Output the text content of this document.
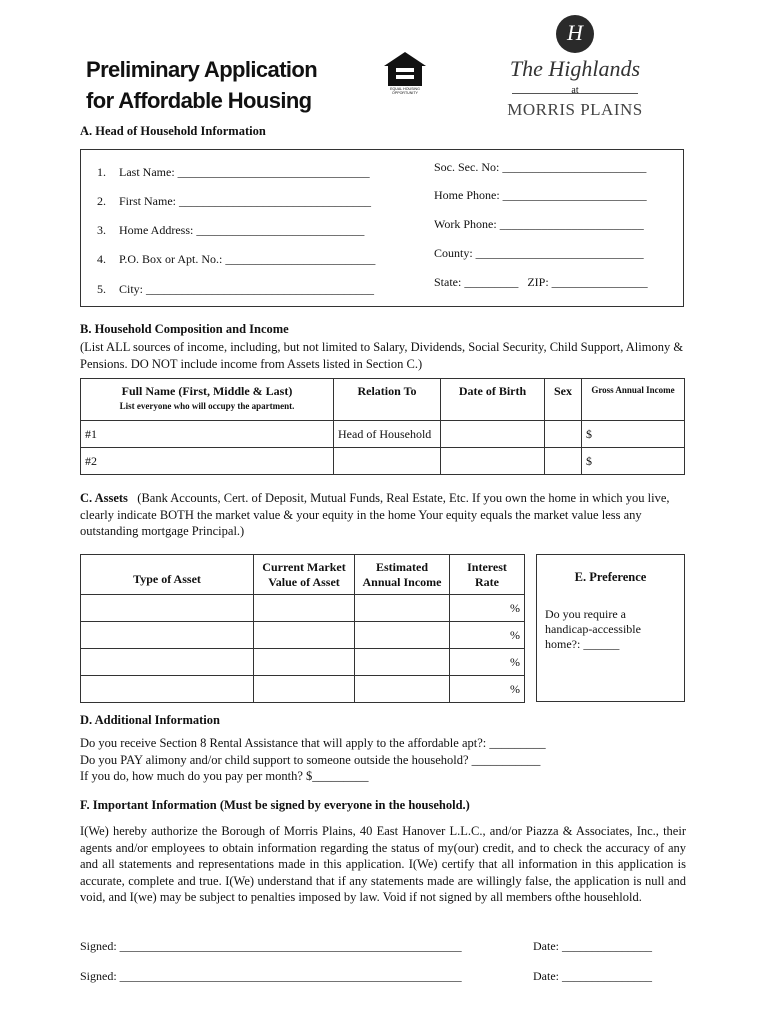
Preliminary Application
for Affordable Housing	EQUAL HOUSING OPPORTUNITY
H
The Highlands
at
MORRIS PLAINS
A. Head of Household Information
1. Last Name: ________________________________
2. First Name: ________________________________
3. Home Address: ____________________________
4. P.O. Box or Apt. No.: _________________________
5. City: ______________________________________
Soc. Sec. No: ________________________
Home Phone: ________________________
Work Phone: ________________________
County: ____________________________
State: _________   ZIP: ________________
B. Household Composition and Income
(List ALL sources of income, including, but not limited to Salary, Dividends, Social Security, Child Support, Alimony & Pensions. DO NOT include income from Assets listed in Section C.)
Full Name (First, Middle & Last)
List everyone who will occupy the apartment.	Relation To	Date of Birth	Sex	Gross Annual Income
#1	Head of Household			$
#2				$
C. Assets (Bank Accounts, Cert. of Deposit, Mutual Funds, Real Estate, Etc. If you own the home in which you live, clearly indicate BOTH the market value & your equity in the home Your equity equals the market value less any outstanding mortgage Principal.)
Type of Asset	Current Market Value of Asset	Estimated Annual Income	Interest Rate
			%
			%
			%
			%
E. Preference
Do you require a handicap-accessible home?: ______
D. Additional Information
Do you receive Section 8 Rental Assistance that will apply to the affordable apt?: _________
Do you PAY alimony and/or child support to someone outside the household? ___________
If you do, how much do you pay per month? $_________
F. Important Information (Must be signed by everyone in the household.)
I(We) hereby authorize the Borough of Morris Plains, 40 East Hanover L.L.C., and/or Piazza & Associates, Inc., their agents and/or employees to obtain information regarding the status of my(our) credit, and to check the accuracy of any and all statements and representations made in this application. I(We) certify that all information in this application is accurate, complete and true. I(We) understand that if any statements made are willingly false, the application is null and void, and I(we) may be subject to penalties imposed by law. Void if not signed by all members ofthe househlold.
Signed: _________________________________________________________	Date: _______________
Signed: _________________________________________________________	Date: _______________
